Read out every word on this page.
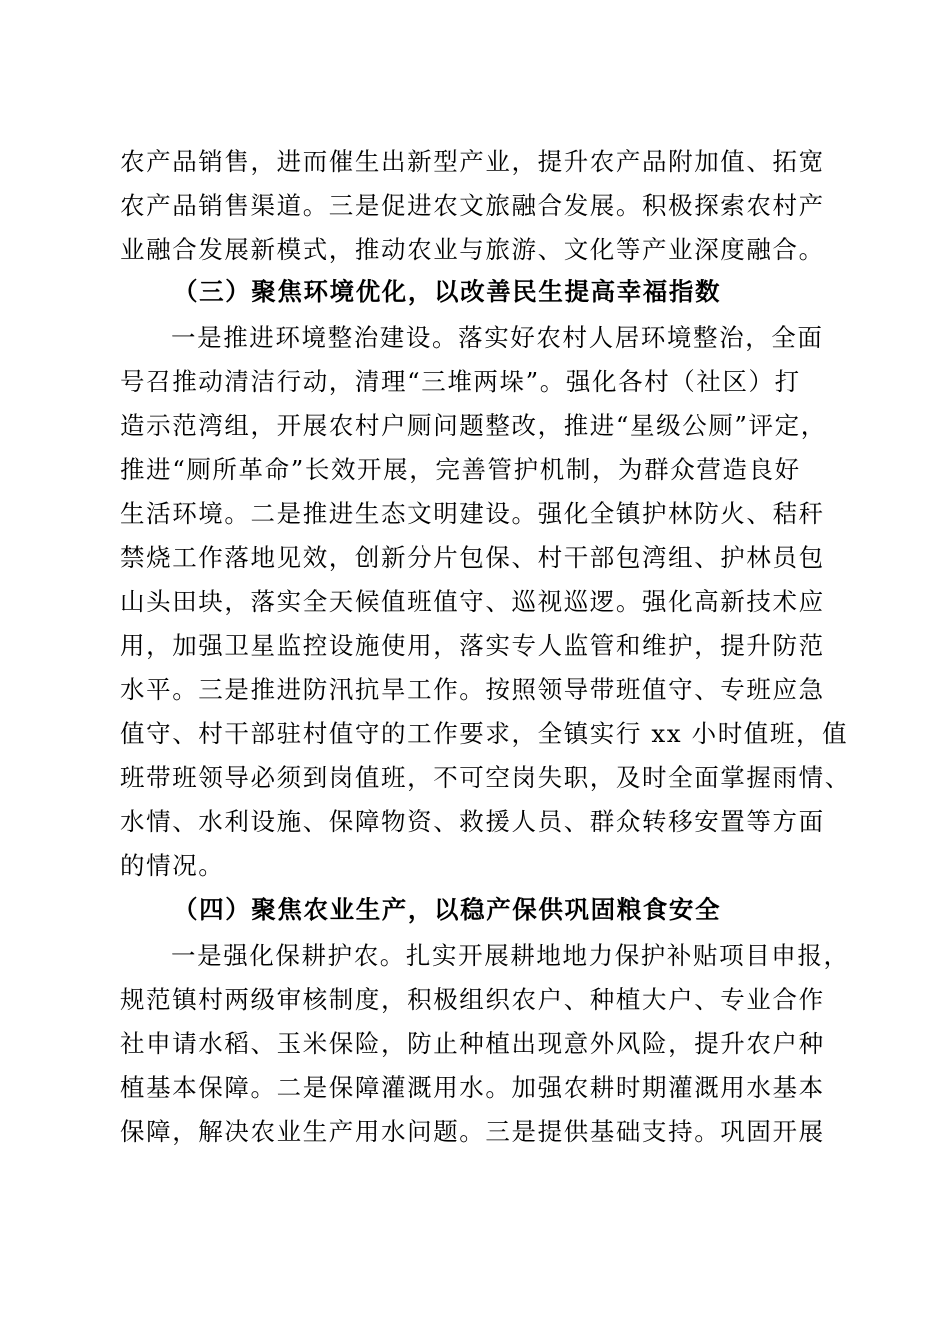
农产品销售，进而催生出新型产业，提升农产品附加值、拓宽
农产品销售渠道。三是促进农文旅融合发展。积极探索农村产
业融合发展新模式，推动农业与旅游、文化等产业深度融合。
（三）聚焦环境优化，以改善民生提高幸福指数
一是推进环境整治建设。落实好农村人居环境整治，全面
号召推动清洁行动，清理“三堆两垛”。强化各村（社区）打
造示范湾组，开展农村户厕问题整改，推进“星级公厕”评定，
推进“厕所革命”长效开展，完善管护机制，为群众营造良好
生活环境。二是推进生态文明建设。强化全镇护林防火、秸秆
禁烧工作落地见效，创新分片包保、村干部包湾组、护林员包
山头田块，落实全天候值班值守、巡视巡逻。强化高新技术应
用，加强卫星监控设施使用，落实专人监管和维护，提升防范
水平。三是推进防汛抗旱工作。按照领导带班值守、专班应急
值守、村干部驻村值守的工作要求，全镇实行 xx 小时值班，值
班带班领导必须到岗值班，不可空岗失职，及时全面掌握雨情、
水情、水利设施、保障物资、救援人员、群众转移安置等方面
的情况。
（四）聚焦农业生产，以稳产保供巩固粮食安全
一是强化保耕护农。扎实开展耕地地力保护补贴项目申报，
规范镇村两级审核制度，积极组织农户、种植大户、专业合作
社申请水稻、玉米保险，防止种植出现意外风险，提升农户种
植基本保障。二是保障灌溉用水。加强农耕时期灌溉用水基本
保障，解决农业生产用水问题。三是提供基础支持。巩固开展
